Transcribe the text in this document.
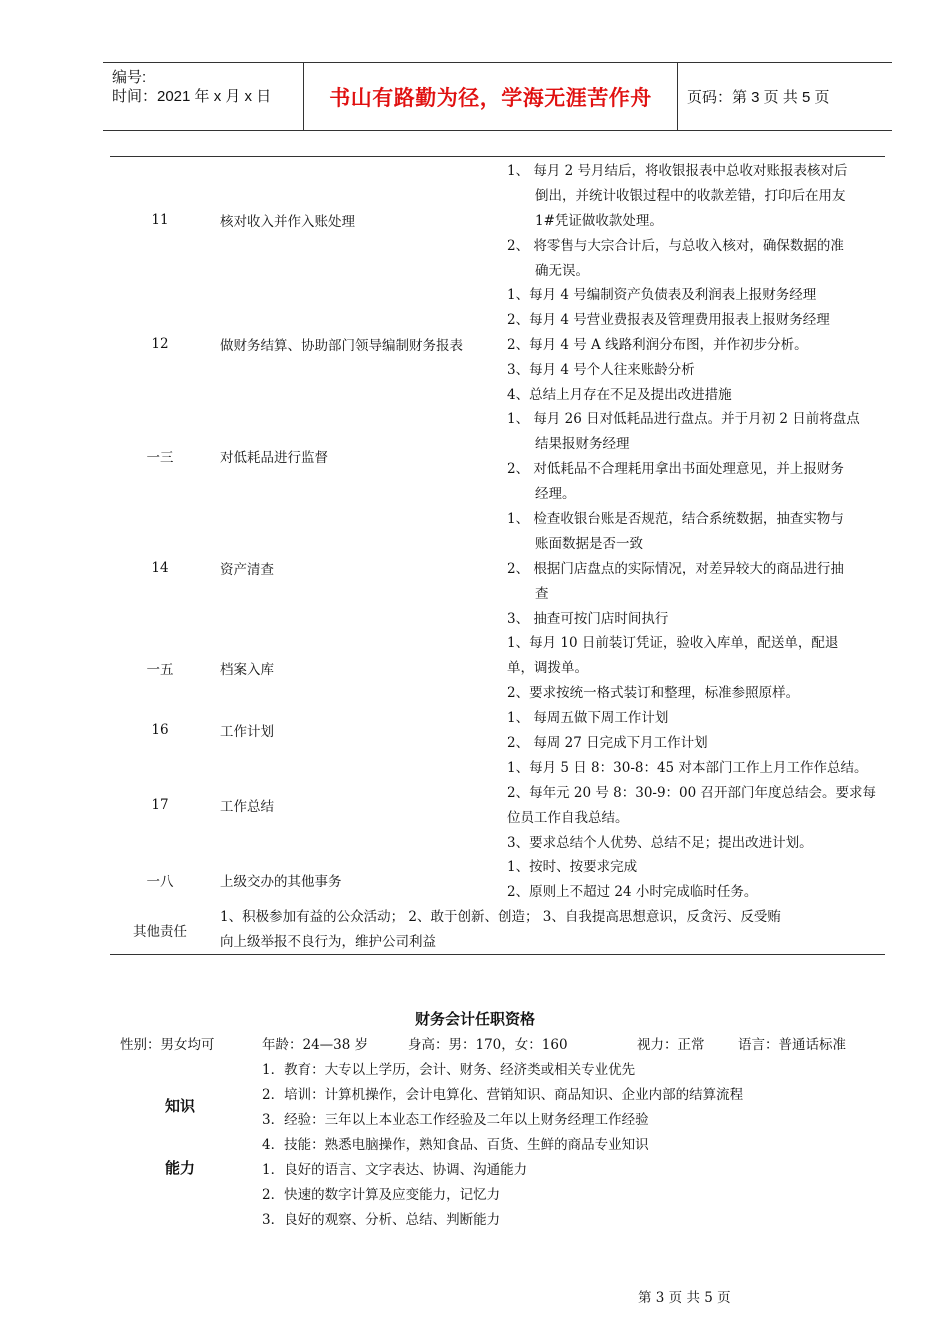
编号:
时间：2021 年 x 月 x 日	书山有路勤为径，学海无涯苦作舟 页码：第 3 页 共 5 页
11	核对收入并作入账处理
1、 每月 2 号月结后，将收银报表中总收对账报表核对后
倒出，并统计收银过程中的收款差错，打印后在用友
1#凭证做收款处理。
2、 将零售与大宗合计后，与总收入核对，确保数据的准
确无误。
12	做财务结算、协助部门领导编制财务报表
1、每月 4 号编制资产负债表及利润表上报财务经理
2、每月 4 号营业费报表及管理费用报表上报财务经理
2、每月 4 号 A 线路利润分布图，并作初步分析。
3、每月 4 号个人往来账龄分析
4、总结上月存在不足及提出改进措施
一三	对低耗品进行监督
1、 每月 26 日对低耗品进行盘点。并于月初 2 日前将盘点
结果报财务经理
2、 对低耗品不合理耗用拿出书面处理意见，并上报财务
经理。
14	资产清查
1、 检查收银台账是否规范，结合系统数据，抽查实物与
账面数据是否一致
2、 根据门店盘点的实际情况，对差异较大的商品进行抽
查
3、 抽查可按门店时间执行
一五	档案入库
1、每月 10 日前装订凭证，验收入库单，配送单，配退
单，调拨单。
2、要求按统一格式装订和整理，标准参照原样。
16	工作计划
1、 每周五做下周工作计划
2、 每周 27 日完成下月工作计划
17	工作总结
1、每月 5 日 8：30-8：45 对本部门工作上月工作作总结。
2、每年元 20 号 8：30-9：00 召开部门年度总结会。要求每
位员工作自我总结。
3、要求总结个人优势、总结不足；提出改进计划。
一八	上级交办的其他事务
1、按时、按要求完成
2、原则上不超过 24 小时完成临时任务。
其他责任
1、积极参加有益的公众活动； 2、敢于创新、创造； 3、自我提高思想意识，反贪污、反受贿
向上级举报不良行为，维护公司利益
财务会计任职资格
性别：男女均可	年龄：24—38 岁	身高：男：170，女：160	视力：正常 语言：普通话标准
知识
1．教育：大专以上学历，会计、财务、经济类或相关专业优先
2．培训：计算机操作，会计电算化、营销知识、商品知识、企业内部的结算流程
3．经验：三年以上本业态工作经验及二年以上财务经理工作经验
4．技能：熟悉电脑操作，熟知食品、百货、生鲜的商品专业知识
能力	1．良好的语言、文字表达、协调、沟通能力
2．快速的数字计算及应变能力，记忆力
3．良好的观察、分析、总结、判断能力
第 3 页 共 5 页
